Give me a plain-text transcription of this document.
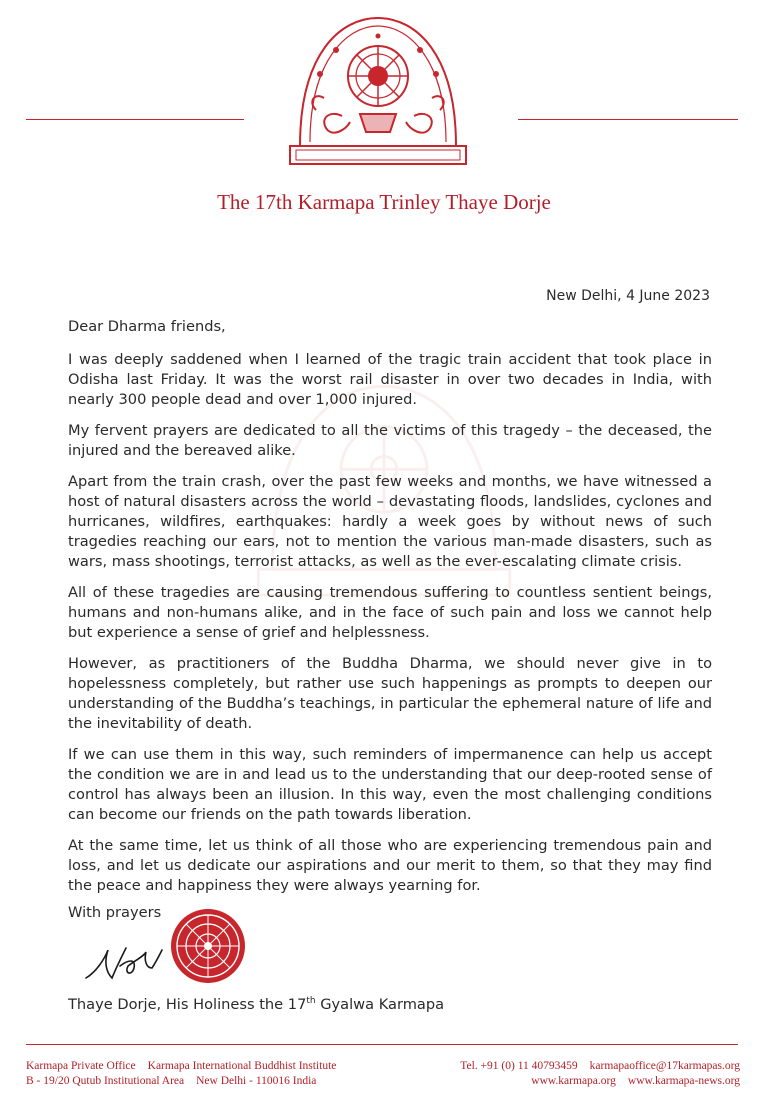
The 17th Karmapa Trinley Thaye Dorje
New Delhi, 4 June 2023
Dear Dharma friends,

I was deeply saddened when I learned of the tragic train accident that took place in Odisha last Friday. It was the worst rail disaster in over two decades in India, with nearly 300 people dead and over 1,000 injured.

My fervent prayers are dedicated to all the victims of this tragedy – the deceased, the injured and the bereaved alike.

Apart from the train crash, over the past few weeks and months, we have witnessed a host of natural disasters across the world – devastating floods, landslides, cyclones and hurricanes, wildfires, earthquakes: hardly a week goes by without news of such tragedies reaching our ears, not to mention the various man-made disasters, such as wars, mass shootings, terrorist attacks, as well as the ever-escalating climate crisis.

All of these tragedies are causing tremendous suffering to countless sentient beings, humans and non-humans alike, and in the face of such pain and loss we cannot help but experience a sense of grief and helplessness.

However, as practitioners of the Buddha Dharma, we should never give in to hopelessness completely, but rather use such happenings as prompts to deepen our understanding of the Buddha’s teachings, in particular the ephemeral nature of life and the inevitability of death.

If we can use them in this way, such reminders of impermanence can help us accept the condition we are in and lead us to the understanding that our deep-rooted sense of control has always been an illusion. In this way, even the most challenging conditions can become our friends on the path towards liberation.

At the same time, let us think of all those who are experiencing tremendous pain and loss, and let us dedicate our aspirations and our merit to them, so that they may find the peace and happiness they were always yearning for.

With prayers
Thaye Dorje, His Holiness the 17th Gyalwa Karmapa
Karmapa Private Office Karmapa International Buddhist Institute
B - 19/20 Qutub Institutional Area New Delhi - 110016 India
Tel. +91 (0) 11 40793459 karmapaoffice@17karmapas.org
www.karmapa.org www.karmapa-news.org
